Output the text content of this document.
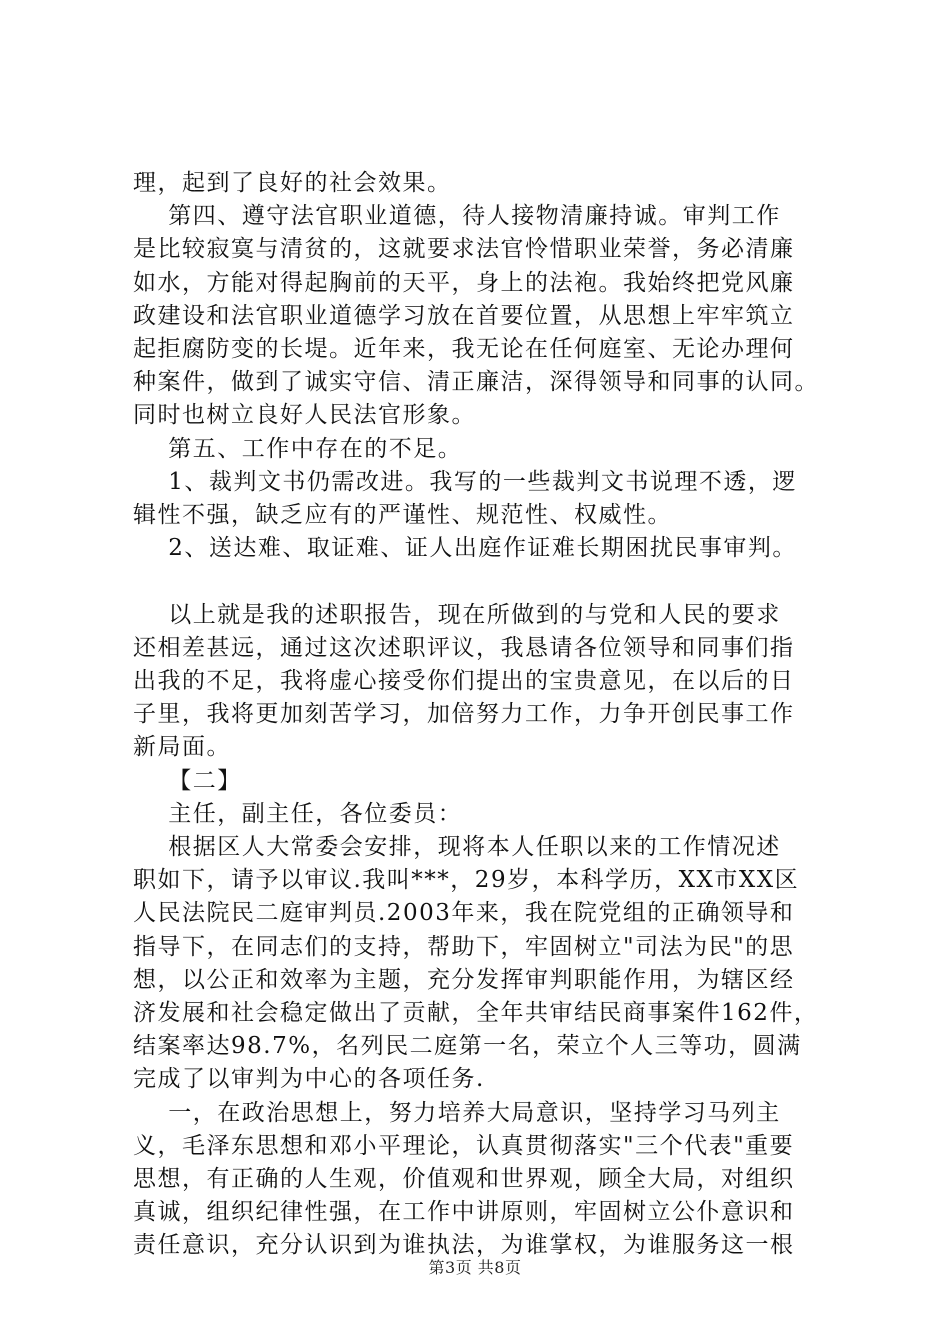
理，起到了良好的社会效果。

第四、遵守法官职业道德，待人接物清廉持诚。审判工作

是比较寂寞与清贫的，这就要求法官怜惜职业荣誉，务必清廉

如水，方能对得起胸前的天平，身上的法袍。我始终把党风廉

政建设和法官职业道德学习放在首要位置，从思想上牢牢筑立

起拒腐防变的长堤。近年来，我无论在任何庭室、无论办理何

种案件，做到了诚实守信、清正廉洁，深得领导和同事的认同。

同时也树立良好人民法官形象。

第五、工作中存在的不足。

1、裁判文书仍需改进。我写的一些裁判文书说理不透，逻

辑性不强，缺乏应有的严谨性、规范性、权威性。

2、送达难、取证难、证人出庭作证难长期困扰民事审判。

以上就是我的述职报告，现在所做到的与党和人民的要求

还相差甚远，通过这次述职评议，我恳请各位领导和同事们指

出我的不足，我将虚心接受你们提出的宝贵意见，在以后的日

子里，我将更加刻苦学习，加倍努力工作，力争开创民事工作

新局面。

【二】

主任，副主任，各位委员：

根据区人大常委会安排，现将本人任职以来的工作情况述

职如下，请予以审议.我叫***，29岁，本科学历，XX市XX区

人民法院民二庭审判员.2003年来，我在院党组的正确领导和

指导下，在同志们的支持，帮助下，牢固树立"司法为民"的思

想，以公正和效率为主题，充分发挥审判职能作用，为辖区经

济发展和社会稳定做出了贡献，全年共审结民商事案件162件，

结案率达98.7%，名列民二庭第一名，荣立个人三等功，圆满

完成了以审判为中心的各项任务.

一，在政治思想上，努力培养大局意识，坚持学习马列主

义，毛泽东思想和邓小平理论，认真贯彻落实"三个代表"重要

思想，有正确的人生观，价值观和世界观，顾全大局，对组织

真诚，组织纪律性强，在工作中讲原则，牢固树立公仆意识和

责任意识，充分认识到为谁执法，为谁掌权，为谁服务这一根

第3页 共8页
